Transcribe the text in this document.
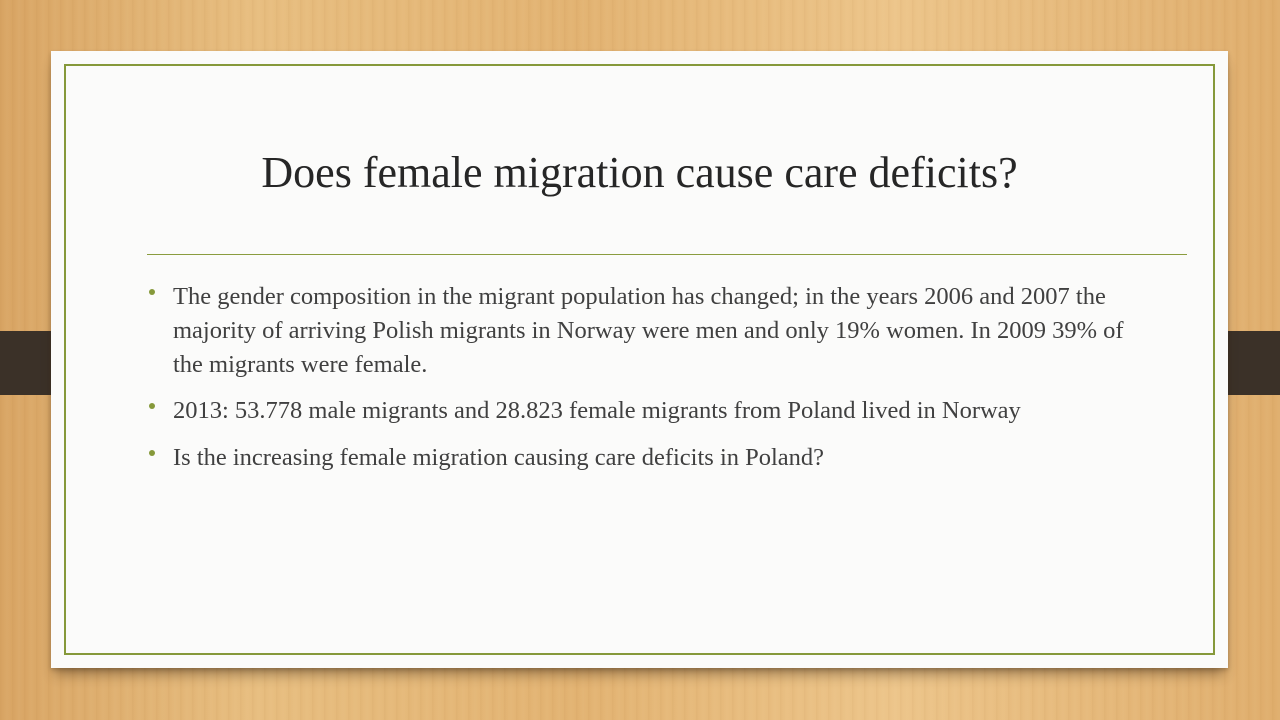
Does female migration cause care deficits?
The gender composition in the migrant population has changed; in the years 2006 and 2007 the majority of arriving Polish migrants in Norway were men and only 19% women. In 2009 39% of the migrants were female.
2013: 53.778 male migrants and 28.823 female migrants from Poland lived in Norway
Is the increasing female migration causing care deficits in Poland?
